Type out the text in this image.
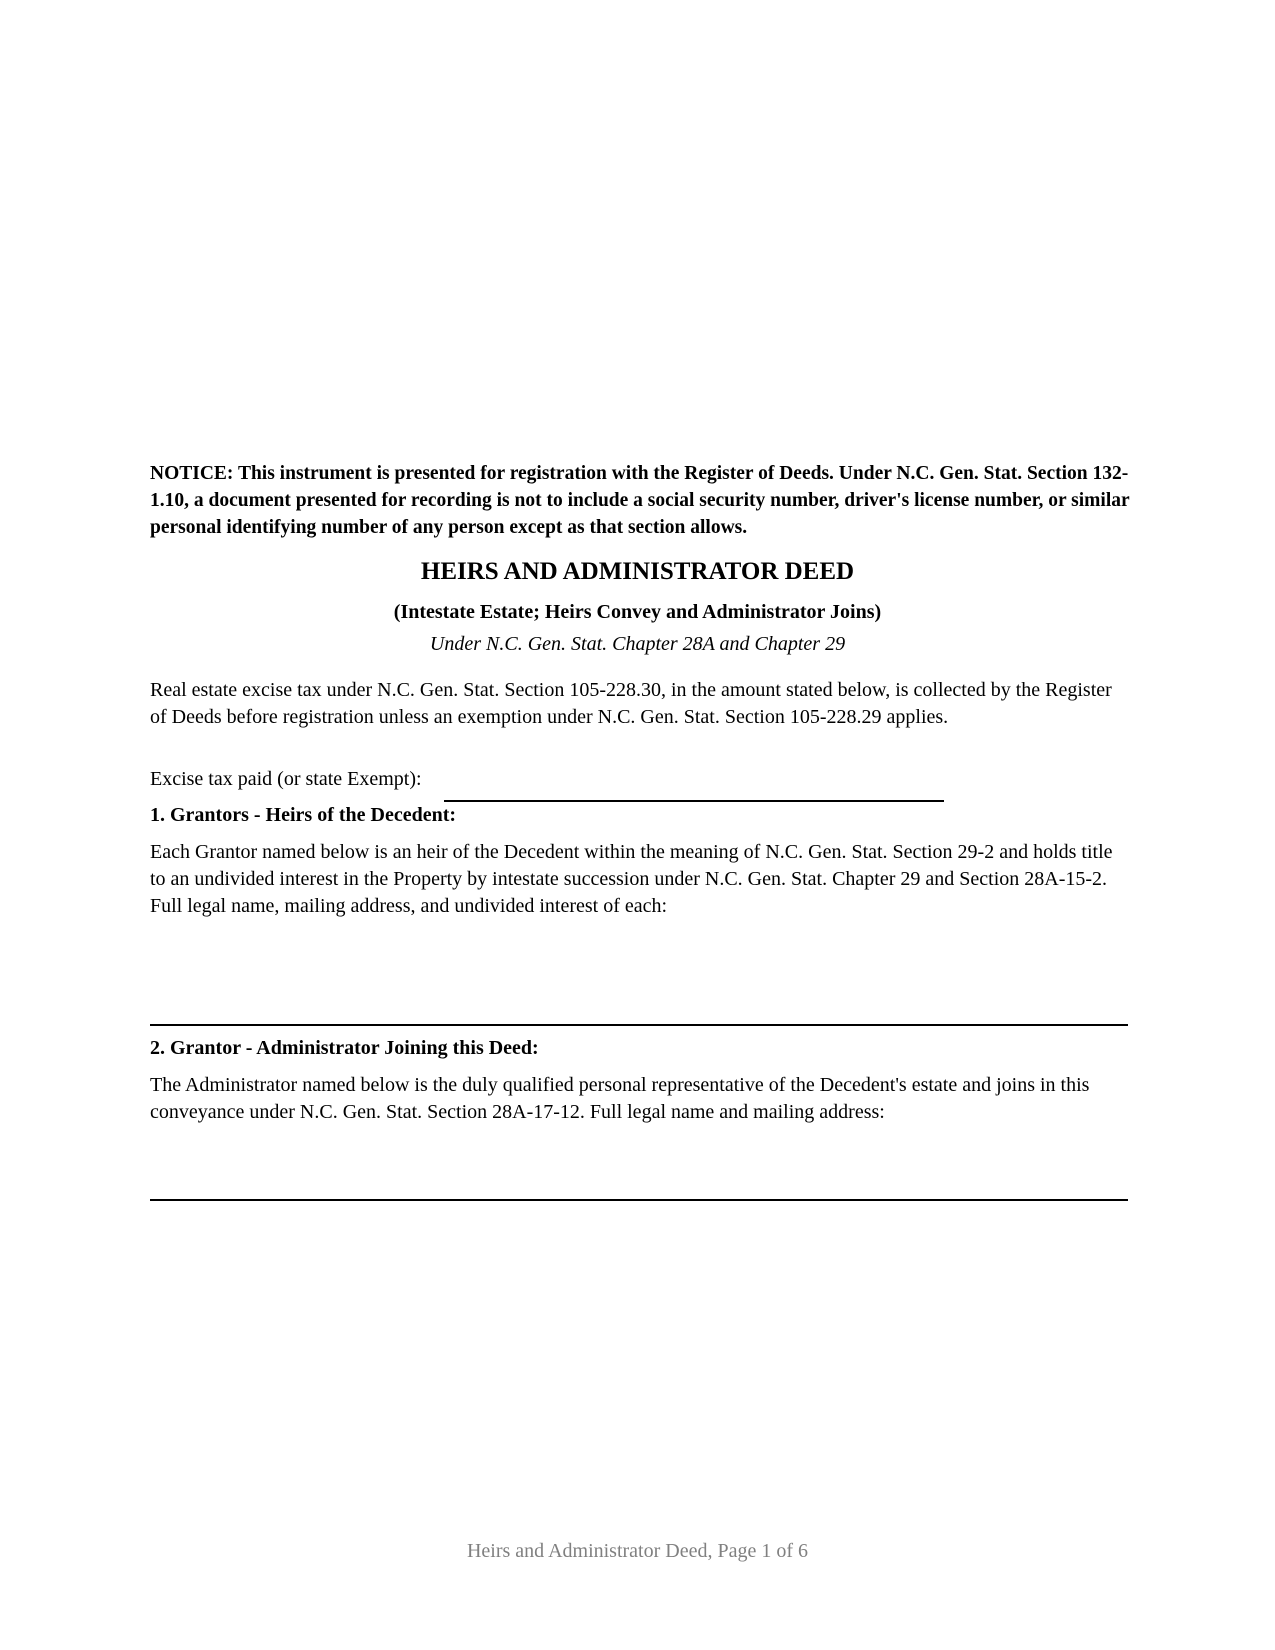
NOTICE: This instrument is presented for registration with the Register of Deeds. Under N.C. Gen. Stat. Section 132-1.10, a document presented for recording is not to include a social security number, driver's license number, or similar personal identifying number of any person except as that section allows.
HEIRS AND ADMINISTRATOR DEED
(Intestate Estate; Heirs Convey and Administrator Joins)
Under N.C. Gen. Stat. Chapter 28A and Chapter 29
Real estate excise tax under N.C. Gen. Stat. Section 105-228.30, in the amount stated below, is collected by the Register of Deeds before registration unless an exemption under N.C. Gen. Stat. Section 105-228.29 applies.
Excise tax paid (or state Exempt):
1. Grantors - Heirs of the Decedent:
Each Grantor named below is an heir of the Decedent within the meaning of N.C. Gen. Stat. Section 29-2 and holds title to an undivided interest in the Property by intestate succession under N.C. Gen. Stat. Chapter 29 and Section 28A-15-2. Full legal name, mailing address, and undivided interest of each:
2. Grantor - Administrator Joining this Deed:
The Administrator named below is the duly qualified personal representative of the Decedent's estate and joins in this conveyance under N.C. Gen. Stat. Section 28A-17-12. Full legal name and mailing address:
Heirs and Administrator Deed, Page 1 of 6
